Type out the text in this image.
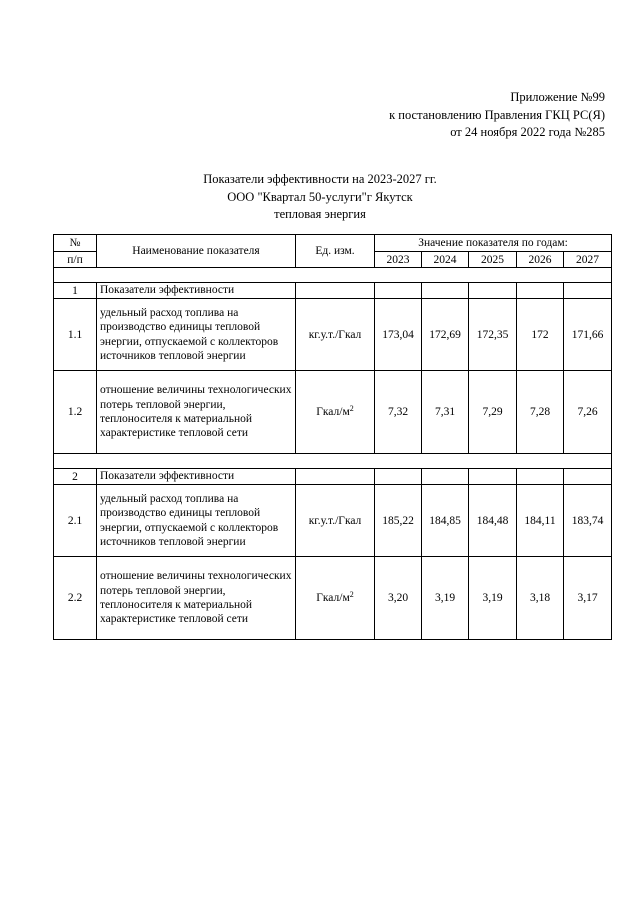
Приложение №99
к постановлению Правления ГКЦ РС(Я)
от 24 ноября 2022 года №285
Показатели эффективности на 2023-2027 гг.
ООО "Квартал 50-услуги"г Якутск
тепловая энергия
№	Наименование показателя	Ед. изм.	Значение показателя по годам:				
п/п			2023	2024	2025	2026	2027

1	Показатели эффективности						
1.1	удельный расход топлива на производство единицы тепловой энергии, отпускаемой с коллекторов источников тепловой энергии	кг.у.т./Гкал	173,04	172,69	172,35	172	171,66
1.2	отношение величины технологических потерь тепловой энергии, теплоносителя к материальной характеристике тепловой сети	Гкал/$м^2$	7,32	7,31	7,29	7,28	7,26

2	Показатели эффективности						
2.1	удельный расход топлива на производство единицы тепловой энергии, отпускаемой с коллекторов источников тепловой энергии	кг.у.т./Гкал	185,22	184,85	184,48	184,11	183,74
2.2	отношение величины технологических потерь тепловой энергии, теплоносителя к материальной характеристике тепловой сети	Гкал/$м^2$	3,20	3,19	3,19	3,18	3,17
